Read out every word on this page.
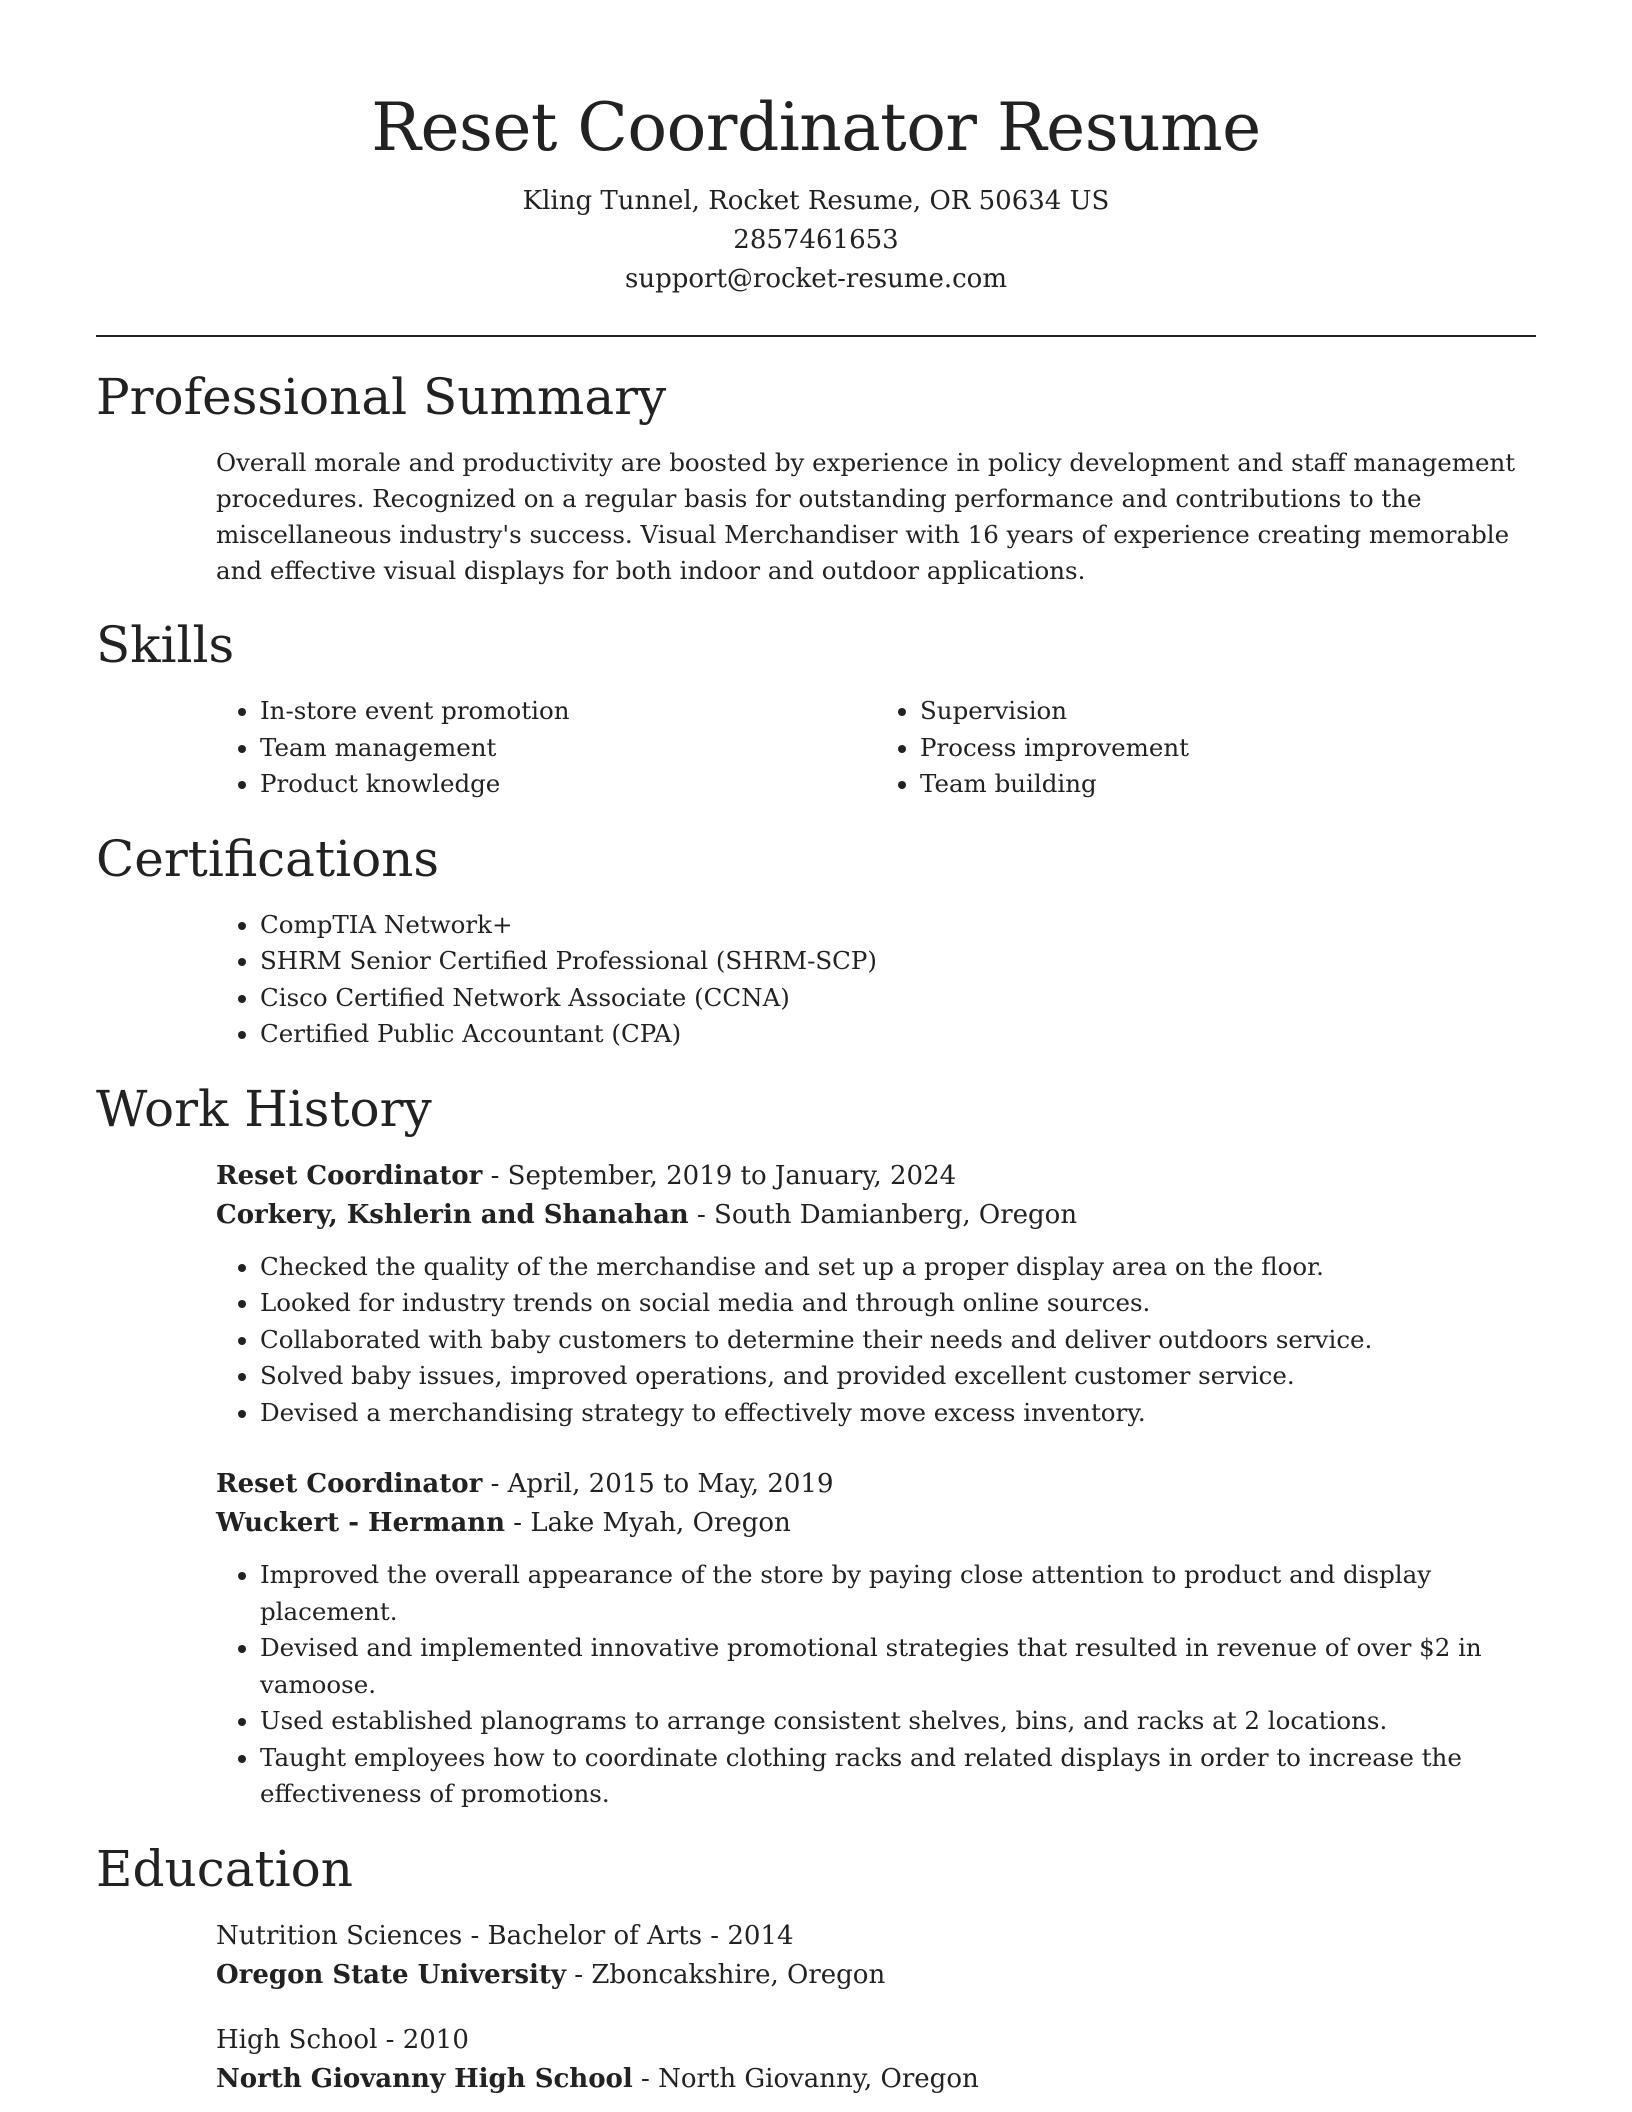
Reset Coordinator Resume
Kling Tunnel, Rocket Resume, OR 50634 US
2857461653
support@rocket-resume.com
Professional Summary
Overall morale and productivity are boosted by experience in policy development and staff management procedures. Recognized on a regular basis for outstanding performance and contributions to the miscellaneous industry's success. Visual Merchandiser with 16 years of experience creating memorable and effective visual displays for both indoor and outdoor applications.
Skills
• In-store event promotion
• Team management
• Product knowledge
• Supervision
• Process improvement
• Team building
Certifications
• CompTIA Network+
• SHRM Senior Certified Professional (SHRM-SCP)
• Cisco Certified Network Associate (CCNA)
• Certified Public Accountant (CPA)
Work History
Reset Coordinator - September, 2019 to January, 2024
Corkery, Kshlerin and Shanahan - South Damianberg, Oregon
• Checked the quality of the merchandise and set up a proper display area on the floor.
• Looked for industry trends on social media and through online sources.
• Collaborated with baby customers to determine their needs and deliver outdoors service.
• Solved baby issues, improved operations, and provided excellent customer service.
• Devised a merchandising strategy to effectively move excess inventory.
Reset Coordinator - April, 2015 to May, 2019
Wuckert - Hermann - Lake Myah, Oregon
• Improved the overall appearance of the store by paying close attention to product and display placement.
• Devised and implemented innovative promotional strategies that resulted in revenue of over $2 in vamoose.
• Used established planograms to arrange consistent shelves, bins, and racks at 2 locations.
• Taught employees how to coordinate clothing racks and related displays in order to increase the effectiveness of promotions.
Education
Nutrition Sciences - Bachelor of Arts - 2014
Oregon State University - Zboncakshire, Oregon
High School - 2010
North Giovanny High School - North Giovanny, Oregon
